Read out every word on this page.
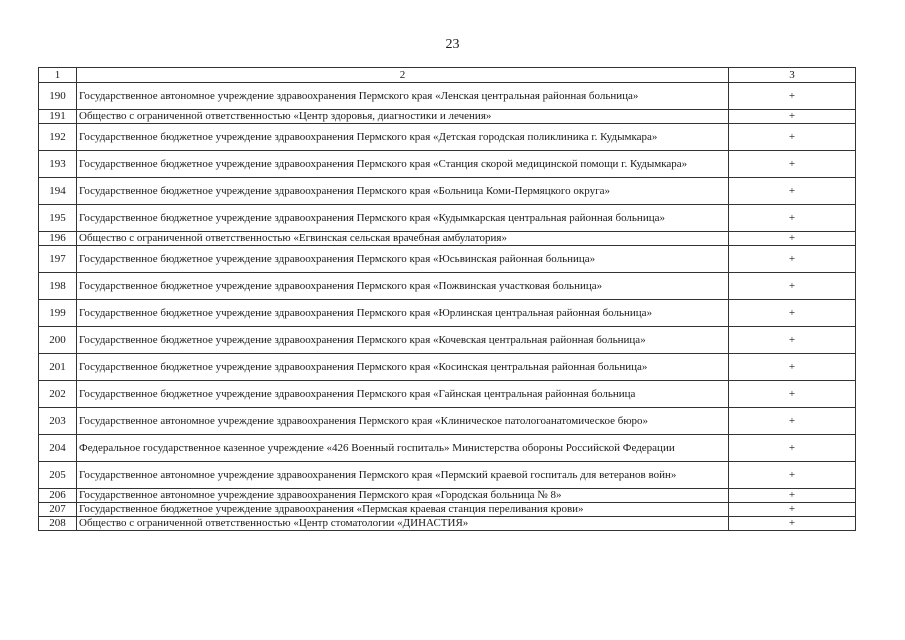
23
1	2	3
190	Государственное автономное учреждение здравоохранения Пермского края «Ленская центральная районная больница»	+
191	Общество с ограниченной ответственностью «Центр здоровья, диагностики и лечения»	+
192	Государственное бюджетное учреждение здравоохранения Пермского края «Детская городская поликлиника г. Кудымкара»	+
193	Государственное бюджетное учреждение здравоохранения Пермского края «Станция скорой медицинской помощи г. Кудымкара»	+
194	Государственное бюджетное учреждение здравоохранения Пермского края «Больница Коми-Пермяцкого округа»	+
195	Государственное бюджетное учреждение здравоохранения Пермского края «Кудымкарская центральная районная больница»	+
196	Общество с ограниченной ответственностью «Егвинская сельская врачебная амбулатория»	+
197	Государственное бюджетное учреждение здравоохранения Пермского края «Юсьвинская районная больница»	+
198	Государственное бюджетное учреждение здравоохранения Пермского края «Пожвинская участковая больница»	+
199	Государственное бюджетное учреждение здравоохранения Пермского края «Юрлинская центральная районная больница»	+
200	Государственное бюджетное учреждение здравоохранения Пермского края «Кочевская центральная районная больница»	+
201	Государственное бюджетное учреждение здравоохранения Пермского края «Косинская центральная районная больница»	+
202	Государственное бюджетное учреждение здравоохранения Пермского края «Гайнская центральная районная больница	+
203	Государственное автономное учреждение здравоохранения Пермского края «Клиническое патологоанатомическое бюро»	+
204	Федеральное государственное казенное учреждение «426 Военный госпиталь» Министерства обороны Российской Федерации	+
205	Государственное автономное учреждение здравоохранения Пермского края «Пермский краевой госпиталь для ветеранов войн»	+
206	Государственное автономное учреждение здравоохранения Пермского края «Городская больница № 8»	+
207	Государственное бюджетное учреждение здравоохранения «Пермская краевая станция переливания крови»	+
208	Общество с ограниченной ответственностью «Центр стоматологии «ДИНАСТИЯ»	+
